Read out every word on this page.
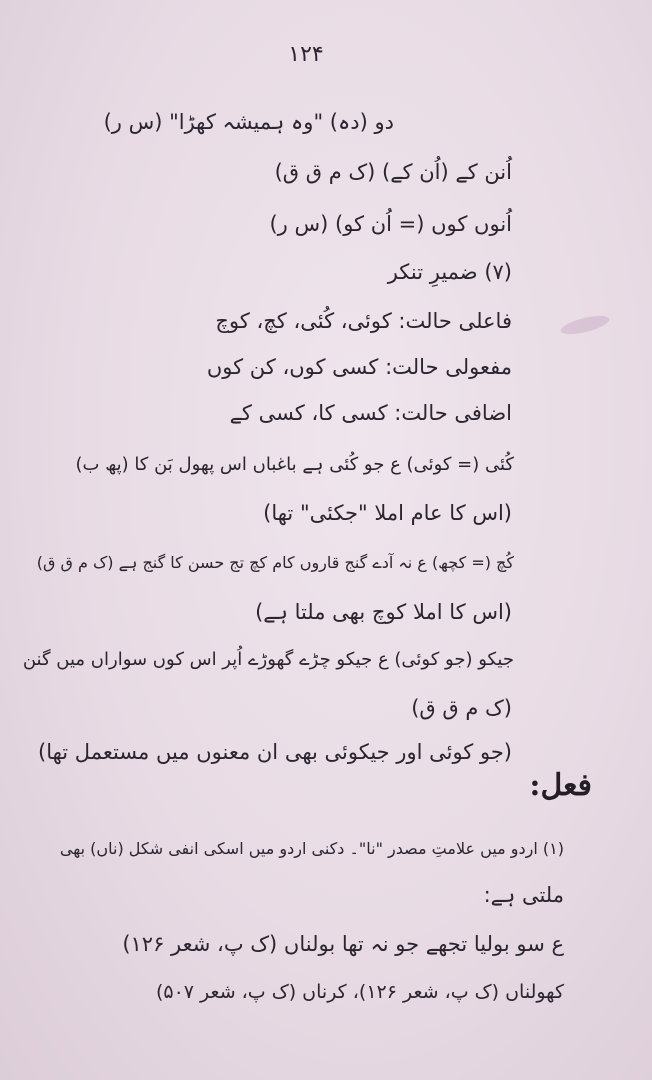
۱۲۴
دو (دہ) "وہ ہمیشہ کھڑا" (س ر)
اُنن کے (اُن کے) (ک م ق ق)
اُنوں کوں (= اُن کو) (س ر)
(۷) ضمیرِ تنکر
فاعلی حالت: کوئی، کُئی، کچ، کوچ
مفعولی حالت: کسی کوں، کن کوں
اضافی حالت: کسی کا، کسی کے
کُئی (= کوئی) ع جو کُئی ہے باغباں اس پھول بَن کا (پھ ب)
(اس کا عام املا "جکئی" تھا)
کُچ (= کچھ) ع نہ آدے گنج قاروں کام کچ تج حسن کا گنج ہے (ک م ق ق)
(اس کا املا کوچ بھی ملتا ہے)
جیکو (جو کوئی) ع جیکو چڑے گھوڑے اُپر اس کوں سواراں میں گنن
(ک م ق ق)
(جو کوئی اور جیکوئی بھی ان معنوں میں مستعمل تھا)
فعل:
(۱) اردو میں علامتِ مصدر "نا"۔ دکنی اردو میں اسکی انفی شکل (ناں) بھی
ملتی ہے:
ع سو بولیا تجھے جو نہ تھا بولناں (ک پ، شعر ۱۲۶)
کھولناں (ک پ، شعر ۱۲۶)، کرناں (ک پ، شعر ۵۰۷)
